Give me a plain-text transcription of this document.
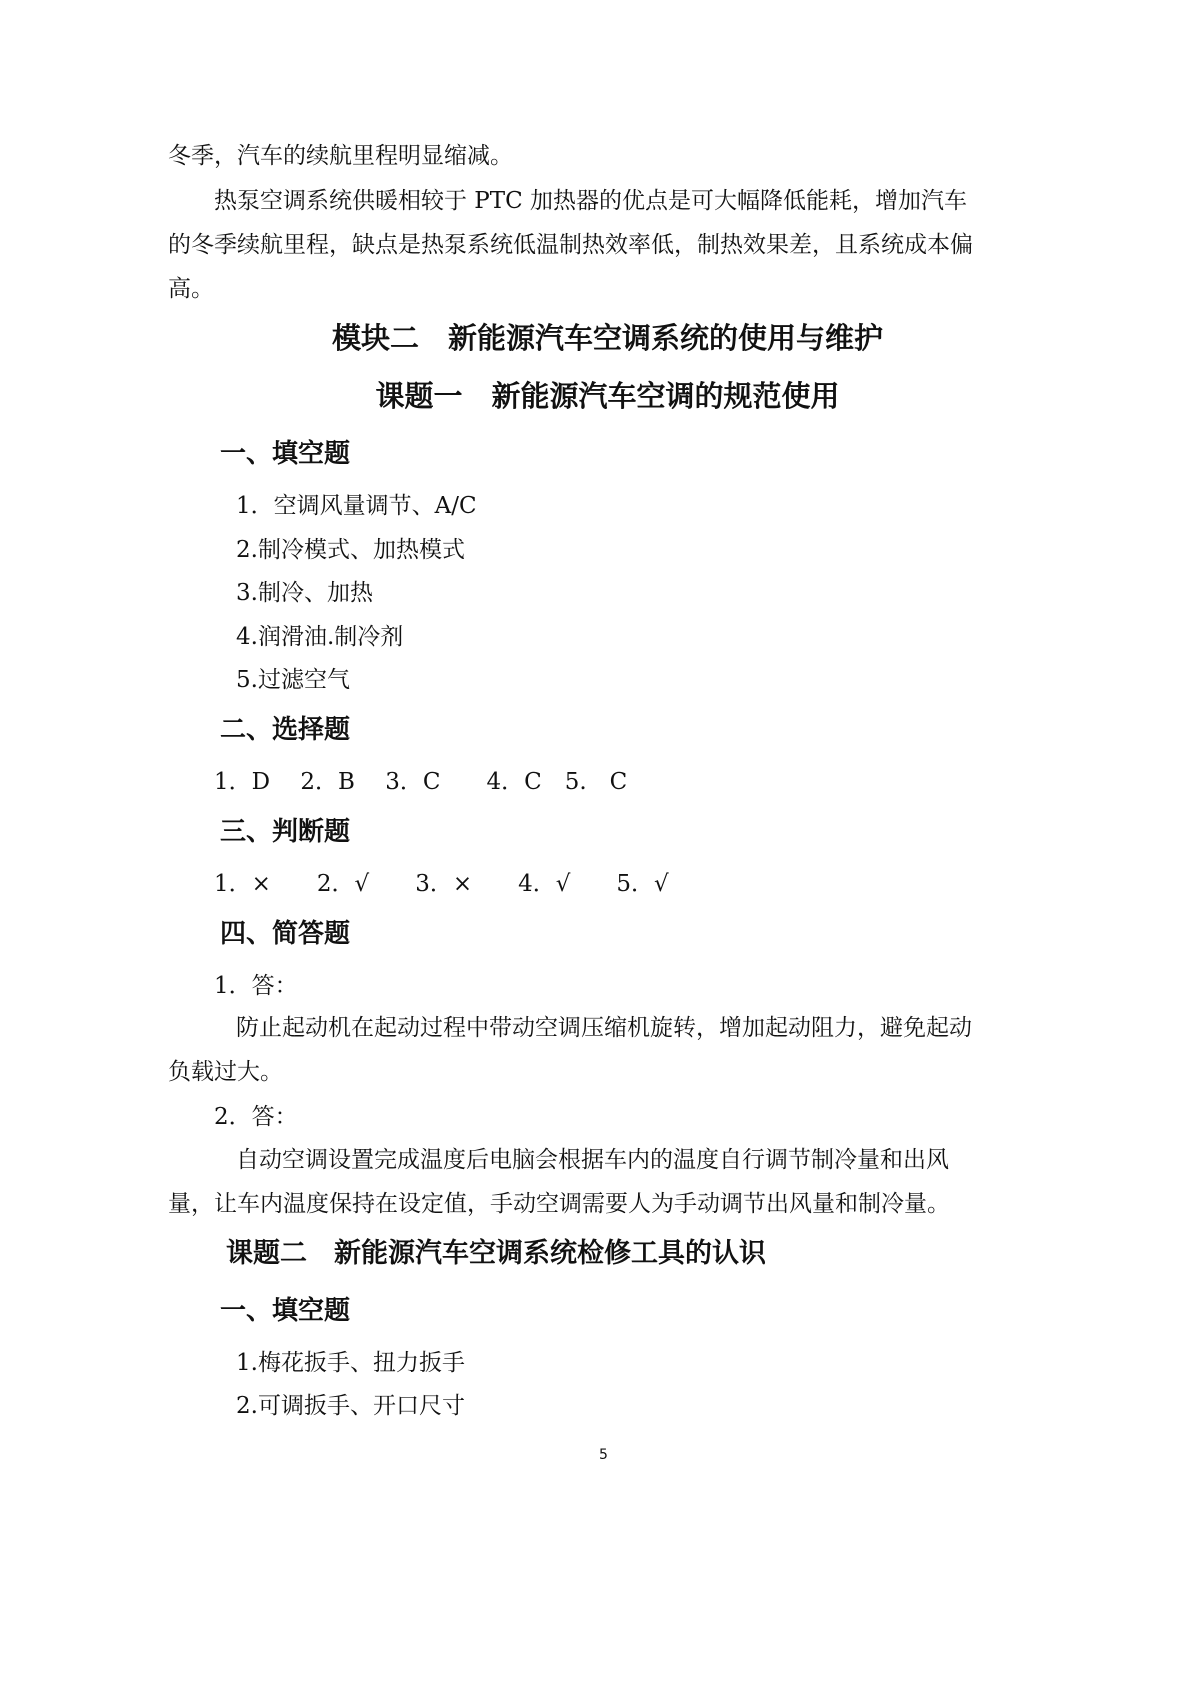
冬季，汽车的续航里程明显缩减。
热泵空调系统供暖相较于 PTC 加热器的优点是可大幅降低能耗，增加汽车
的冬季续航里程，缺点是热泵系统低温制热效率低，制热效果差，且系统成本偏
高。
模块二　新能源汽车空调系统的使用与维护
课题一　新能源汽车空调的规范使用
一、填空题
1．空调风量调节、A/C
2.制冷模式、加热模式
3.制冷、加热
4.润滑油.制冷剂
5.过滤空气
二、选择题
1．D　 2．B　 3．C　　4．C　5.　C
三、判断题
1．×　　2．√　　3．×　　4．√　　5．√
四、简答题
1．答：
防止起动机在起动过程中带动空调压缩机旋转，增加起动阻力，避免起动
负载过大。
2．答：
自动空调设置完成温度后电脑会根据车内的温度自行调节制冷量和出风
量，让车内温度保持在设定值，手动空调需要人为手动调节出风量和制冷量。
课题二　新能源汽车空调系统检修工具的认识
一、填空题
1.梅花扳手、扭力扳手
2.可调扳手、开口尺寸
5
